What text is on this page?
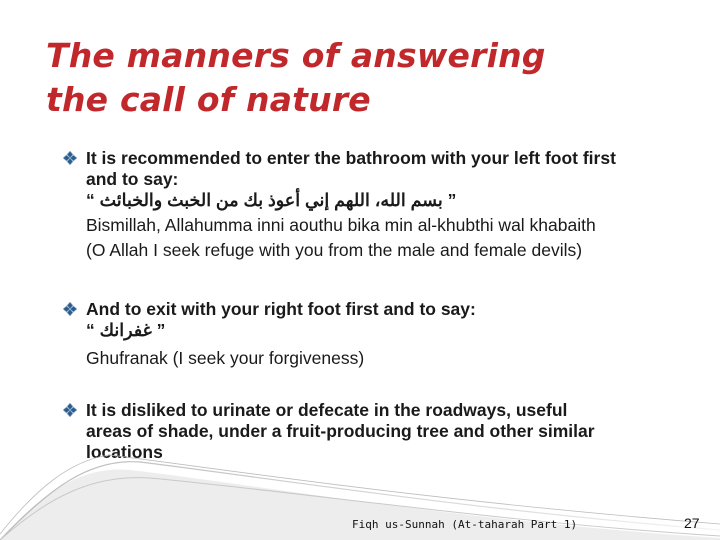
The manners of answering
the call of nature
It is recommended to enter the bathroom with your left foot first
and to say:
“ بسم الله، اللهم إني أعوذ بك من الخبث والخبائث ”
Bismillah, Allahumma inni aouthu bika min al-khubthi wal khabaith
(O Allah I seek refuge with you from the male and female devils)
And to exit with your right foot first and to say:
“ غفرانك ”
Ghufranak (I seek your forgiveness)
It is disliked to urinate or defecate in the roadways, useful
areas of shade, under a fruit-producing tree and other similar
locations
Fiqh us-Sunnah (At-taharah Part 1)	27
